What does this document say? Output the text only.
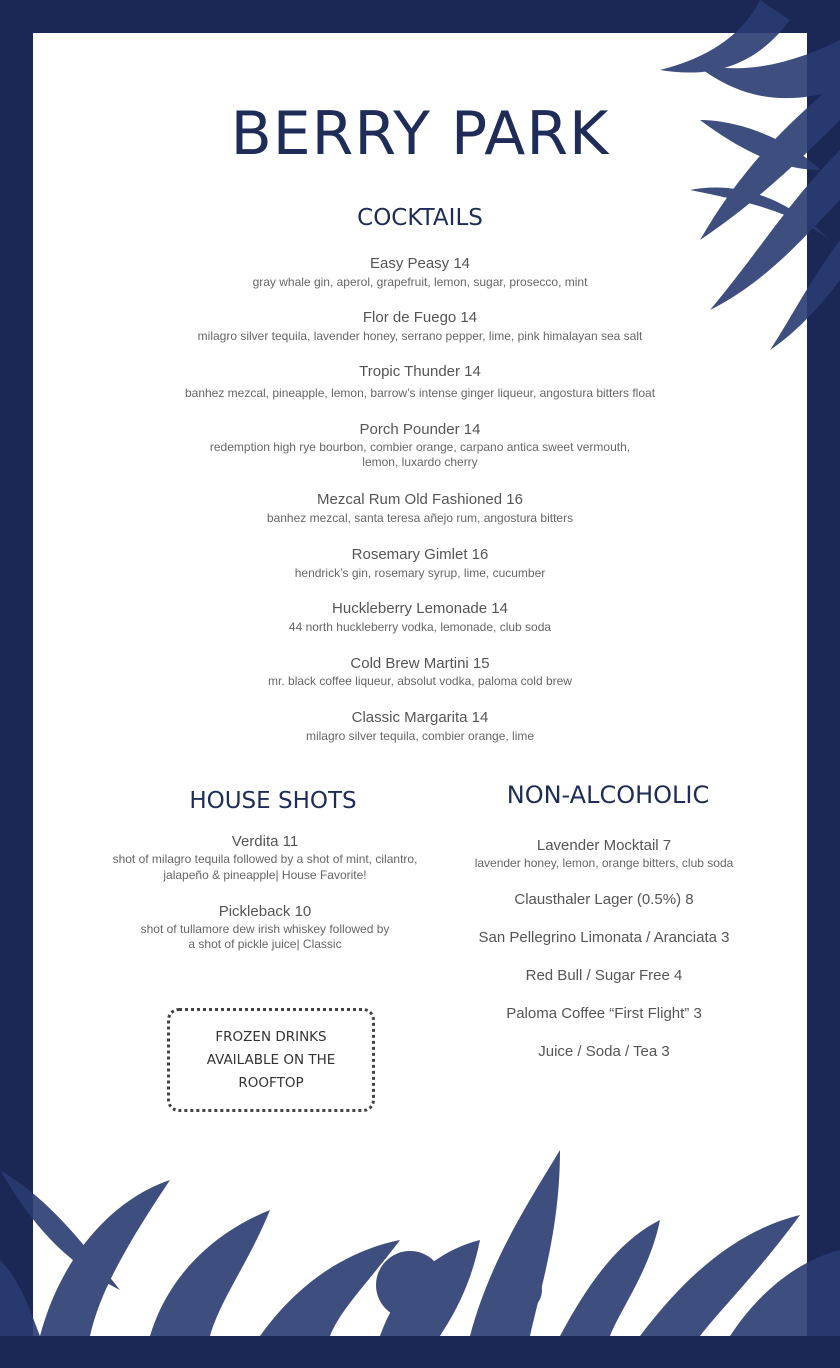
BERRY PARK
COCKTAILS
Easy Peasy 14
gray whale gin, aperol, grapefruit, lemon, sugar, prosecco, mint
Flor de Fuego 14
milagro silver tequila, lavender honey, serrano pepper, lime, pink himalayan sea salt
Tropic Thunder 14
banhez mezcal, pineapple, lemon, barrow’s intense ginger liqueur, angostura bitters float
Porch Pounder 14
redemption high rye bourbon, combier orange, carpano antica sweet vermouth,
lemon, luxardo cherry
Mezcal Rum Old Fashioned 16
banhez mezcal, santa teresa añejo rum, angostura bitters
Rosemary Gimlet 16
hendrick’s gin, rosemary syrup, lime, cucumber
Huckleberry Lemonade 14
44 north huckleberry vodka, lemonade, club soda
Cold Brew Martini 15
mr. black coffee liqueur, absolut vodka, paloma cold brew
Classic Margarita 14
milagro silver tequila, combier orange, lime
HOUSE SHOTS
Verdita 11
shot of milagro tequila followed by a shot of mint, cilantro,
jalapeño & pineapple| House Favorite!
Pickleback 10
shot of tullamore dew irish whiskey followed by
a shot of pickle juice| Classic
FROZEN DRINKS AVAILABLE ON THE ROOFTOP
NON-ALCOHOLIC
Lavender Mocktail 7
lavender honey, lemon, orange bitters, club soda
Clausthaler Lager (0.5%) 8
San Pellegrino Limonata / Aranciata 3
Red Bull / Sugar Free 4
Paloma Coffee “First Flight” 3
Juice / Soda / Tea 3
